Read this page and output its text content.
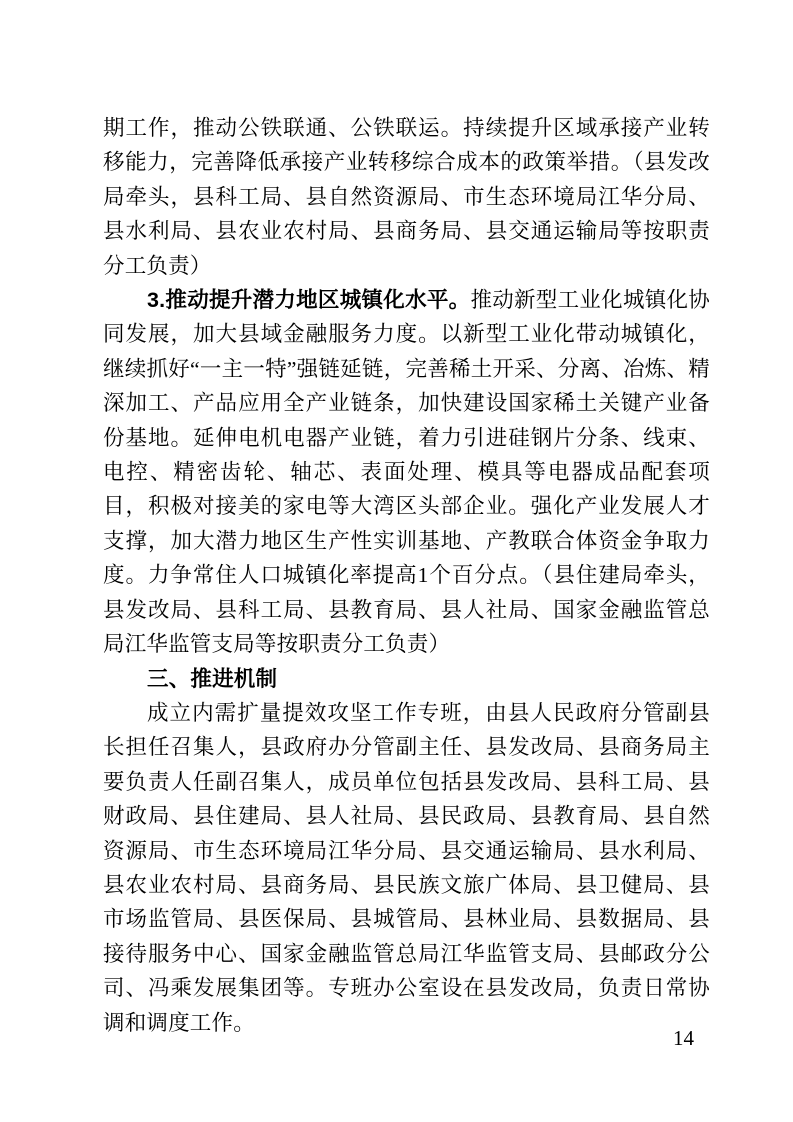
期工作，推动公铁联通、公铁联运。持续提升区域承接产业转移能力，完善降低承接产业转移综合成本的政策举措。（县发改局牵头，县科工局、县自然资源局、市生态环境局江华分局、县水利局、县农业农村局、县商务局、县交通运输局等按职责分工负责）

3.推动提升潜力地区城镇化水平。推动新型工业化城镇化协同发展，加大县域金融服务力度。以新型工业化带动城镇化，继续抓好“一主一特”强链延链，完善稀土开采、分离、冶炼、精深加工、产品应用全产业链条，加快建设国家稀土关键产业备份基地。延伸电机电器产业链，着力引进硅钢片分条、线束、电控、精密齿轮、轴芯、表面处理、模具等电器成品配套项目，积极对接美的家电等大湾区头部企业。强化产业发展人才支撑，加大潜力地区生产性实训基地、产教联合体资金争取力度。力争常住人口城镇化率提高1个百分点。（县住建局牵头，县发改局、县科工局、县教育局、县人社局、国家金融监管总局江华监管支局等按职责分工负责）

三、推进机制

成立内需扩量提效攻坚工作专班，由县人民政府分管副县长担任召集人，县政府办分管副主任、县发改局、县商务局主要负责人任副召集人，成员单位包括县发改局、县科工局、县财政局、县住建局、县人社局、县民政局、县教育局、县自然资源局、市生态环境局江华分局、县交通运输局、县水利局、县农业农村局、县商务局、县民族文旅广体局、县卫健局、县市场监管局、县医保局、县城管局、县林业局、县数据局、县接待服务中心、国家金融监管总局江华监管支局、县邮政分公司、冯乘发展集团等。专班办公室设在县发改局，负责日常协调和调度工作。

14
